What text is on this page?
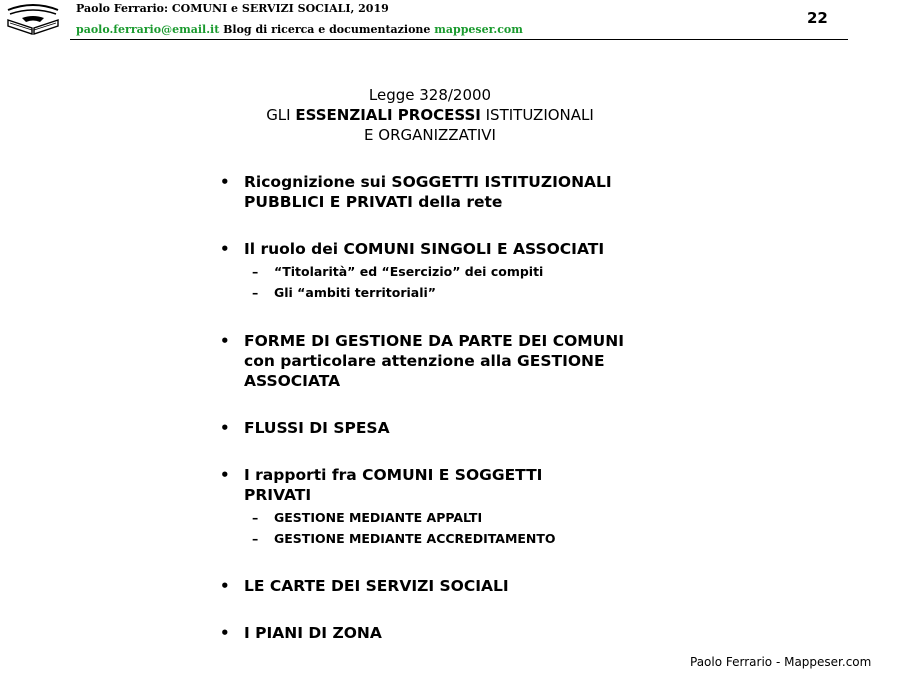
Paolo Ferrario: COMUNI e SERVIZI SOCIALI, 2019
paolo.ferrario@email.it Blog di ricerca e documentazione mappeser.com
22
Legge 328/2000
GLI ESSENZIALI PROCESSI ISTITUZIONALI
E ORGANIZZATIVI
• Ricognizione sui SOGGETTI ISTITUZIONALI PUBBLICI E PRIVATI della rete
• Il ruolo dei COMUNI SINGOLI E ASSOCIATI
– “Titolarità” ed “Esercizio” dei compiti
– Gli “ambiti territoriali”
• FORME DI GESTIONE DA PARTE DEI COMUNI con particolare attenzione alla GESTIONE ASSOCIATA
• FLUSSI DI SPESA
• I rapporti fra COMUNI E SOGGETTI PRIVATI
– GESTIONE MEDIANTE APPALTI
– GESTIONE MEDIANTE ACCREDITAMENTO
• LE CARTE DEI SERVIZI SOCIALI
• I PIANI DI ZONA
Paolo Ferrario - Mappeser.com
